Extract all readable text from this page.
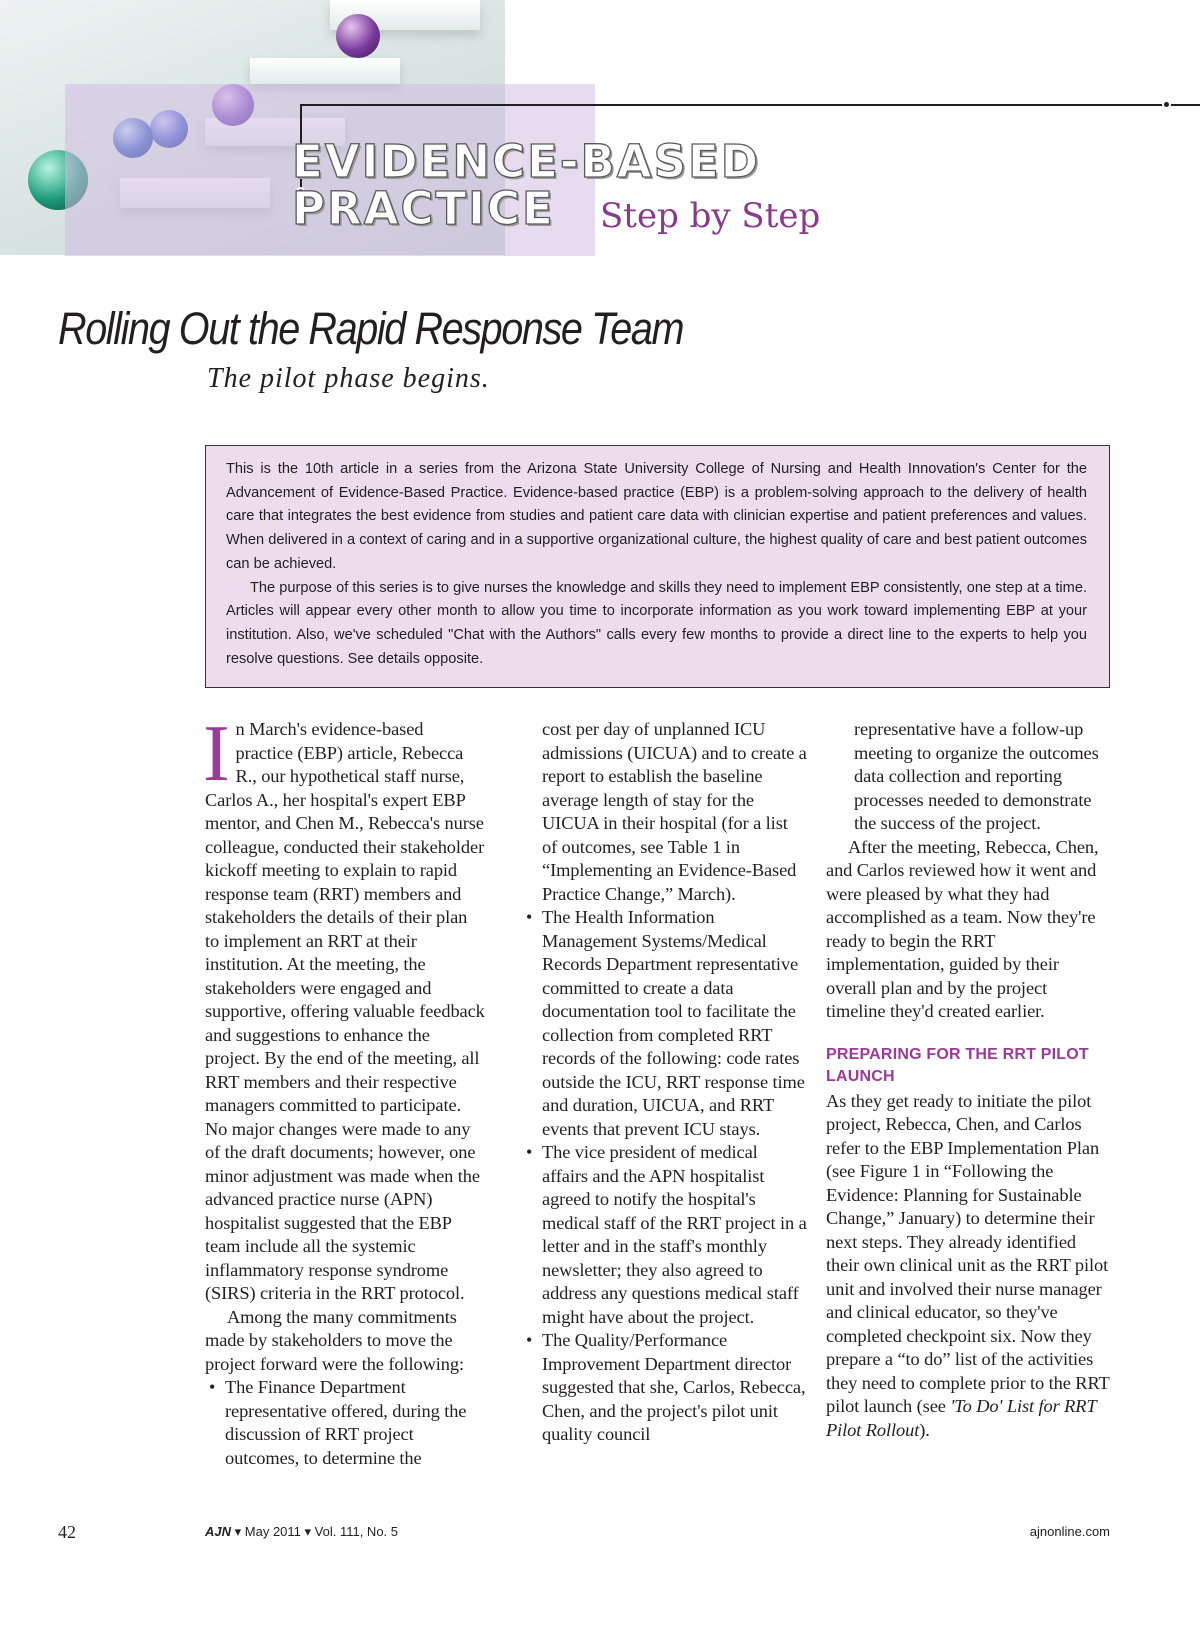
EVIDENCE-BASED
PRACTICE	Step by Step
Rolling Out the Rapid Response Team
The pilot phase begins.

This is the 10th article in a series from the Arizona State University College of Nursing and Health Innovation's Center for the Advancement of Evidence-Based Practice. Evidence-based practice (EBP) is a problem-solving approach to the delivery of health care that integrates the best evidence from studies and patient care data with clinician expertise and patient preferences and values. When delivered in a context of caring and in a supportive organizational culture, the highest quality of care and best patient outcomes can be achieved.

The purpose of this series is to give nurses the knowledge and skills they need to implement EBP consistently, one step at a time. Articles will appear every other month to allow you time to incorporate information as you work toward implementing EBP at your institution. Also, we've scheduled "Chat with the Authors" calls every few months to provide a direct line to the experts to help you resolve questions. See details opposite.

In March's evidence-based practice (EBP) article, Rebecca R., our hypothetical staff nurse, Carlos A., her hospital's expert EBP mentor, and Chen M., Rebecca's nurse colleague, conducted their stakeholder kickoff meeting to explain to rapid response team (RRT) members and stakeholders the details of their plan to implement an RRT at their institution. At the meeting, the stakeholders were engaged and supportive, offering valuable feedback and suggestions to enhance the project. By the end of the meeting, all RRT members and their respective managers committed to participate. No major changes were made to any of the draft documents; however, one minor adjustment was made when the advanced practice nurse (APN) hospitalist suggested that the EBP team include all the systemic inflammatory response syndrome (SIRS) criteria in the RRT protocol.

Among the many commitments made by stakeholders to move the project forward were the following:

• The Finance Department representative offered, during the discussion of RRT project outcomes, to determine the
cost per day of unplanned ICU admissions (UICUA) and to create a report to establish the baseline average length of stay for the UICUA in their hospital (for a list of outcomes, see Table 1 in “Implementing an Evidence-Based Practice Change,” March).
• The Health Information Management Systems/Medical Records Department representative committed to create a data documentation tool to facilitate the collection from completed RRT records of the following: code rates outside the ICU, RRT response time and duration, UICUA, and RRT events that prevent ICU stays.
• The vice president of medical affairs and the APN hospitalist agreed to notify the hospital's medical staff of the RRT project in a letter and in the staff's monthly newsletter; they also agreed to address any questions medical staff might have about the project.
• The Quality/Performance Improvement Department director suggested that she, Carlos, Rebecca, Chen, and the project's pilot unit quality council

representative have a follow-up meeting to organize the outcomes data collection and reporting processes needed to demonstrate the success of the project.

After the meeting, Rebecca, Chen, and Carlos reviewed how it went and were pleased by what they had accomplished as a team. Now they're ready to begin the RRT implementation, guided by their overall plan and by the project timeline they'd created earlier.

PREPARING FOR THE RRT PILOT LAUNCH

As they get ready to initiate the pilot project, Rebecca, Chen, and Carlos refer to the EBP Implementation Plan (see Figure 1 in “Following the Evidence: Planning for Sustainable Change,” January) to determine their next steps. They already identified their own clinical unit as the RRT pilot unit and involved their nurse manager and clinical educator, so they've completed checkpoint six. Now they prepare a “to do” list of the activities they need to complete prior to the RRT pilot launch (see 'To Do' List for RRT Pilot Rollout).

42	AJN ▾ May 2011 ▾ Vol. 111, No. 5	ajnonline.com
